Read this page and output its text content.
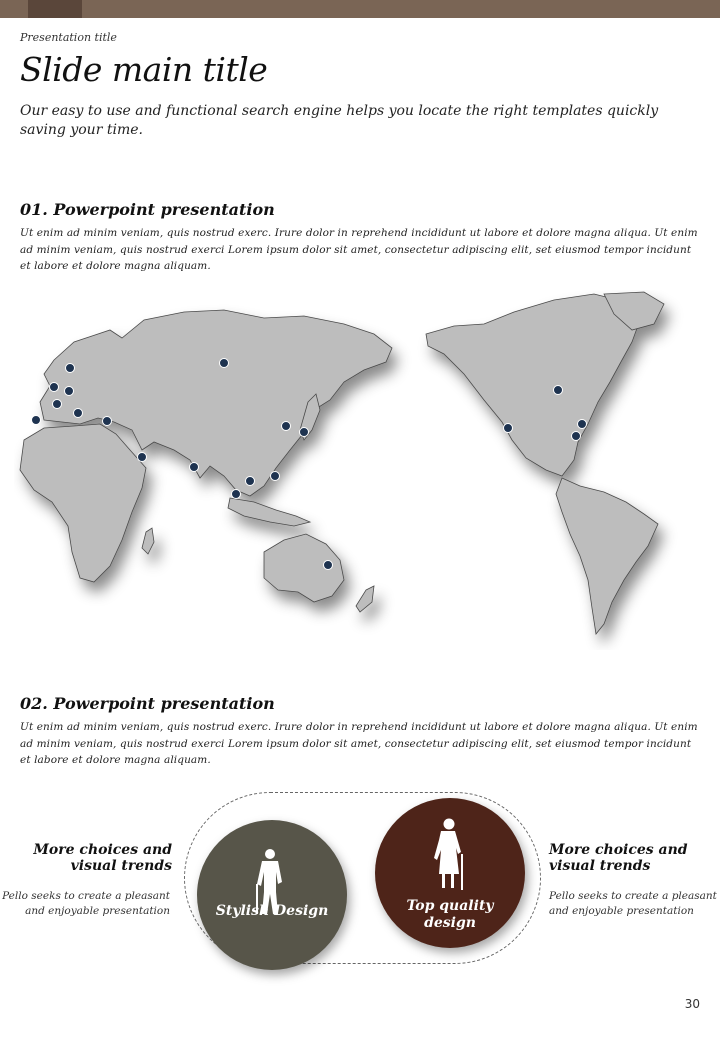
Presentation title
Slide main title
Our easy to use and functional search engine helps you locate the right templates quickly saving your time.
01. Powerpoint presentation
Ut enim ad minim veniam, quis nostrud exerc. Irure dolor in reprehend incididunt ut labore et dolore magna aliqua. Ut enim ad minim veniam, quis nostrud exerci Lorem ipsum dolor sit amet, consectetur adipiscing elit, set eiusmod tempor incidunt et labore et dolore magna aliquam.
02. Powerpoint presentation
Ut enim ad minim veniam, quis nostrud exerc. Irure dolor in reprehend incididunt ut labore et dolore magna aliqua. Ut enim ad minim veniam, quis nostrud exerci Lorem ipsum dolor sit amet, consectetur adipiscing elit, set eiusmod tempor incidunt et labore et dolore magna aliquam.
Stylish Design	Top quality
design
More choices and
visual trends
Pello seeks to create a pleasant
and enjoyable presentation
More choices and
visual trends
Pello seeks to create a pleasant
and enjoyable presentation
30
